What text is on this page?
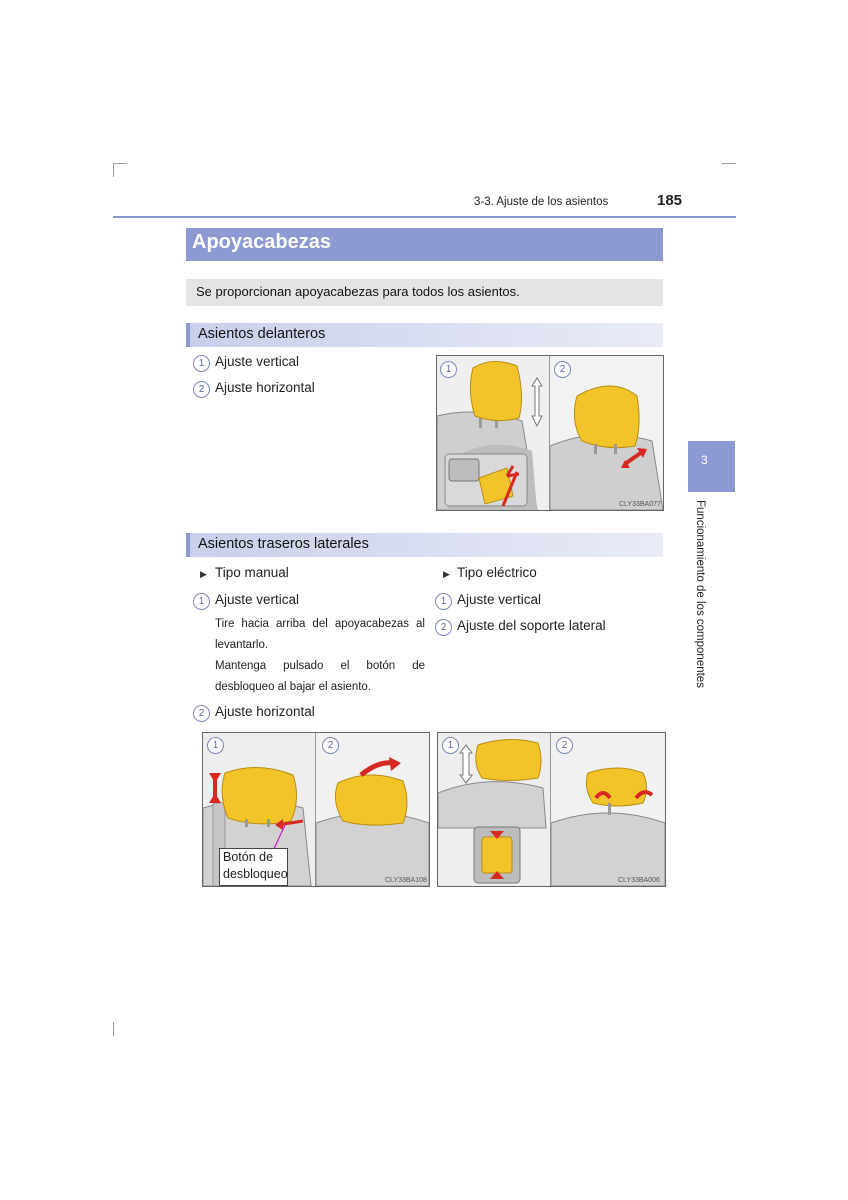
3-3. Ajuste de los asientos	185
Apoyacabezas
Se proporcionan apoyacabezas para todos los asientos.
3
Funcionamiento de los componentes
Asientos delanteros
1 Ajuste vertical
2 Ajuste horizontal
1	2
CLY33BA077
Asientos traseros laterales
▶ Tipo manual
1 Ajuste vertical
Tire hacia arriba del apoyacabezas al levantarlo.
Mantenga pulsado el botón de desbloqueo al bajar el asiento.
2 Ajuste horizontal
▶ Tipo eléctrico
1 Ajuste vertical
2 Ajuste del soporte lateral
1	2
CLY33BA108
Botón de
desbloqueo
1	2
CLY33BA006
